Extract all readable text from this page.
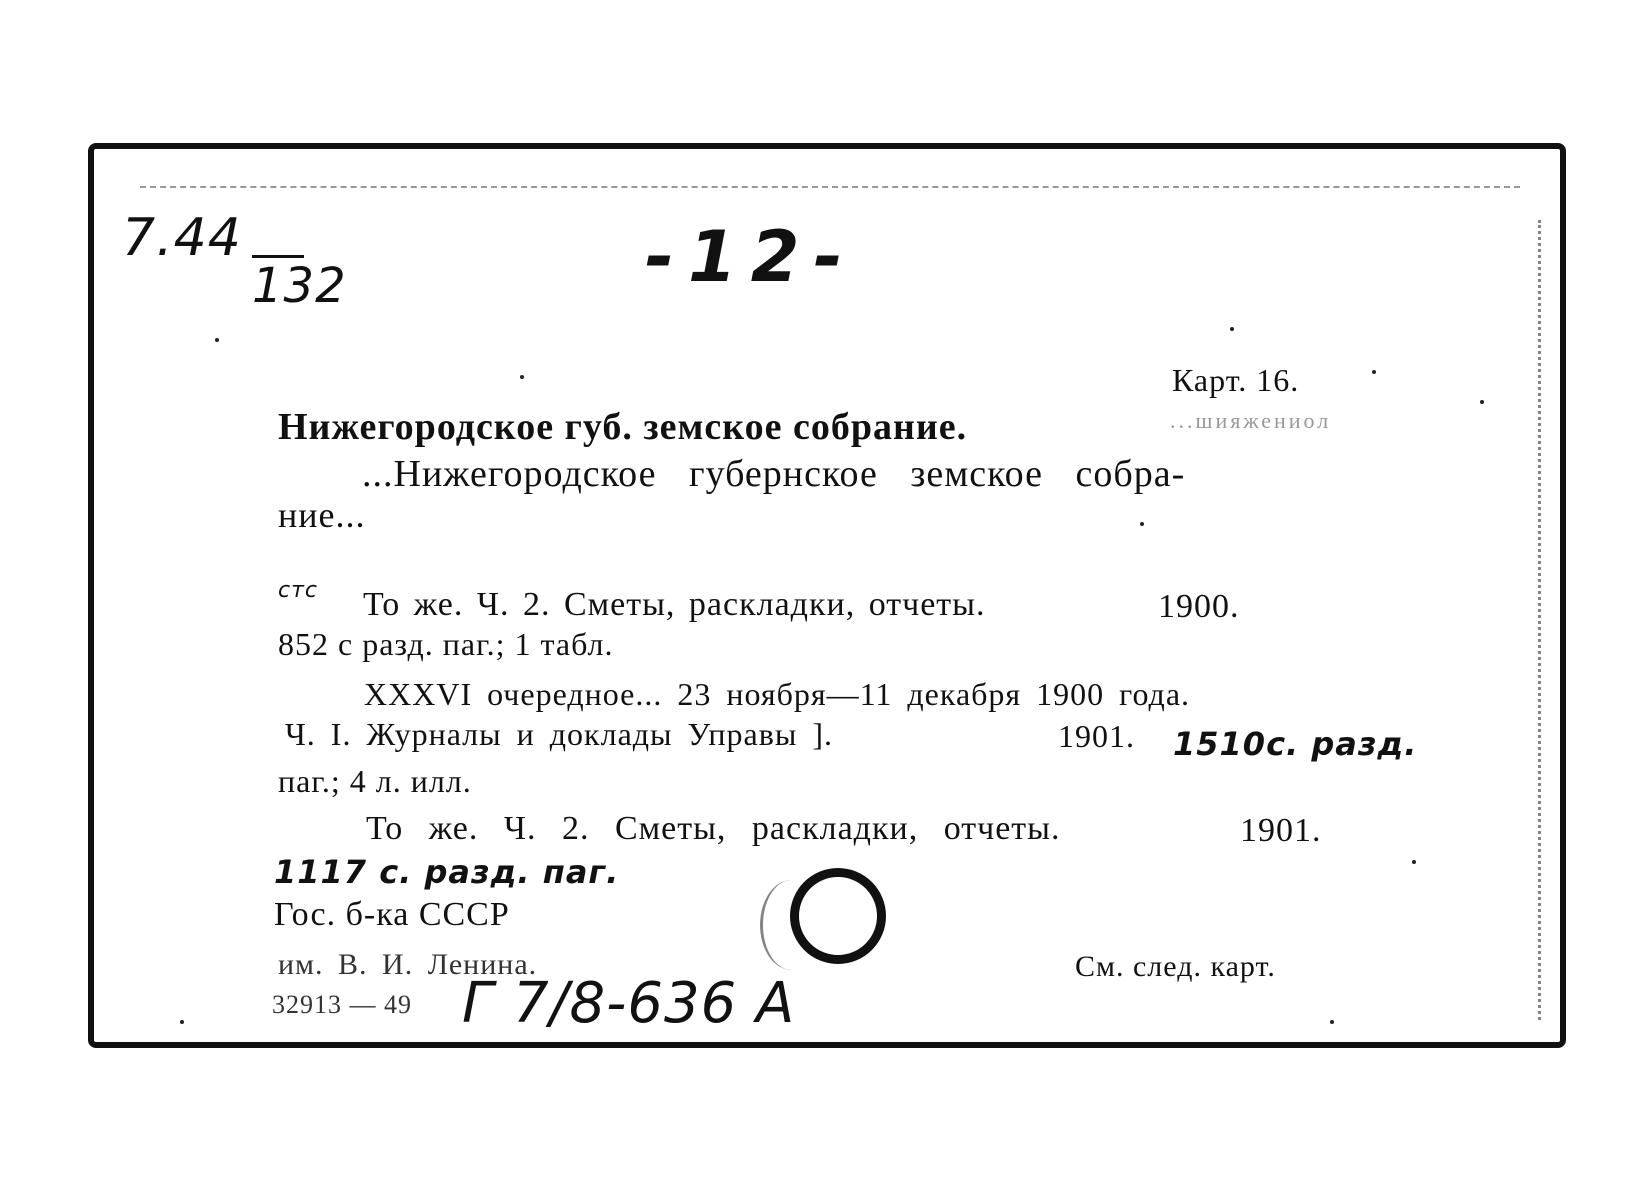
7.44
132	-12-
Карт. 16.
...шияжениол
Нижегородское губ. земское собрание.
...Нижегородское губернское земское собра-
ние...
стс То же. Ч. 2. Сметы, раскладки, отчеты.	1900.
852 с разд. паг.; 1 табл.
XXXVI очередное... 23 ноября—11 декабря 1900 года.
Ч. I. Журналы и доклады Управы ].	1901. 1510с. разд.
паг.; 4 л. илл.
То же. Ч. 2. Сметы, раскладки, отчеты.	1901.
1117 с. разд. паг.
Гос. б-ка СССР
им. В. И. Ленина.
32913 — 49 Г 7/8-636 А
См. след. карт.
